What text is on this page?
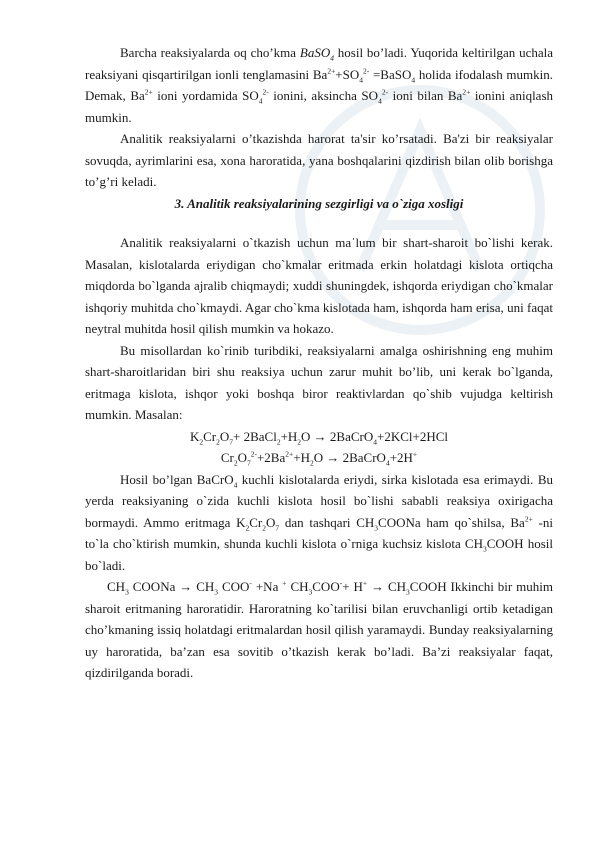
Barcha reaksiyalarda oq cho’kma BaSO$_4$ hosil bo’ladi. Yuqorida keltirilgan uchala reaksiyani qisqartirilgan ionli tenglamasini $Ba^{2+}+SO_4^{2-}$ =BaSO$_4$ holida ifodalash mumkin. Demak, $Ba^{2+}$ ioni yordamida $SO_4^{2-}$ ionini, aksincha $SO_4^{2-}$ ioni bilan $Ba^{2+}$ ionini aniqlash mumkin.

Analitik reaksiyalarni o’tkazishda harorat ta'sir ko’rsatadi. Ba'zi bir reaksiyalar sovuqda, ayrimlarini esa, xona haroratida, yana boshqalarini qizdirish bilan olib borishga to’g’ri keladi.

3. Analitik reaksiyalarining sezgirligi va o`ziga xosligi

Analitik reaksiyalarni o`tkazish uchun maˈlum bir shart-sharoit bo`lishi kerak. Masalan, kislotalarda eriydigan cho`kmalar eritmada erkin holatdagi kislota ortiqcha miqdorda bo`lganda ajralib chiqmaydi; xuddi shuningdek, ishqorda eriydigan cho`kmalar ishqoriy muhitda cho`kmaydi. Agar cho`kma kislotada ham, ishqorda ham erisa, uni faqat neytral muhitda hosil qilish mumkin va hokazo.

Bu misollardan ko`rinib turibdiki, reaksiyalarni amalga oshirishning eng muhim shart-sharoitlaridan biri shu reaksiya uchun zarur muhit bo’lib, uni kerak bo`lganda, eritmaga kislota, ishqor yoki boshqa biror reaktivlardan qo`shib vujudga keltirish mumkin. Masalan:

$K_2Cr_2O_7+$ $2BaCl_2+H_2O$ → 2BaCrO$_4$+2KCl+2HCl

$Cr_2O_7^{2-}+2Ba^{2+}+H_2O$ → 2BaCrO$_4$+2H+

Hosil bo’lgan BaCrO$_4$ kuchli kislotalarda eriydi, sirka kislotada esa erimaydi. Bu yerda reaksiyaning o`zida kuchli kislota hosil bo`lishi sababli reaksiya oxirigacha bormaydi. Ammo eritmaga $K_2Cr_2O_7$ dan tashqari $CH_3COONa$ ham qo`shilsa, $Ba^{2+}$ -ni to`la cho`ktirish mumkin, shunda kuchli kislota o`rniga kuchsiz kislota $CH_3COOH$ hosil bo`ladi.

$CH_3$ COONa → $CH_3$ COO- +Na + $CH_3COO^-+ H^+$ → $CH_3COOH$ Ikkinchi bir muhim sharoit eritmaning haroratidir. Haroratning ko`tarilisi bilan eruvchanligi ortib ketadigan cho’kmaning issiq holatdagi eritmalardan hosil qilish yaramaydi. Bunday reaksiyalarning uy haroratida, ba’zan esa sovitib o’tkazish kerak bo’ladi. Ba’zi reaksiyalar faqat, qizdirilganda boradi.
